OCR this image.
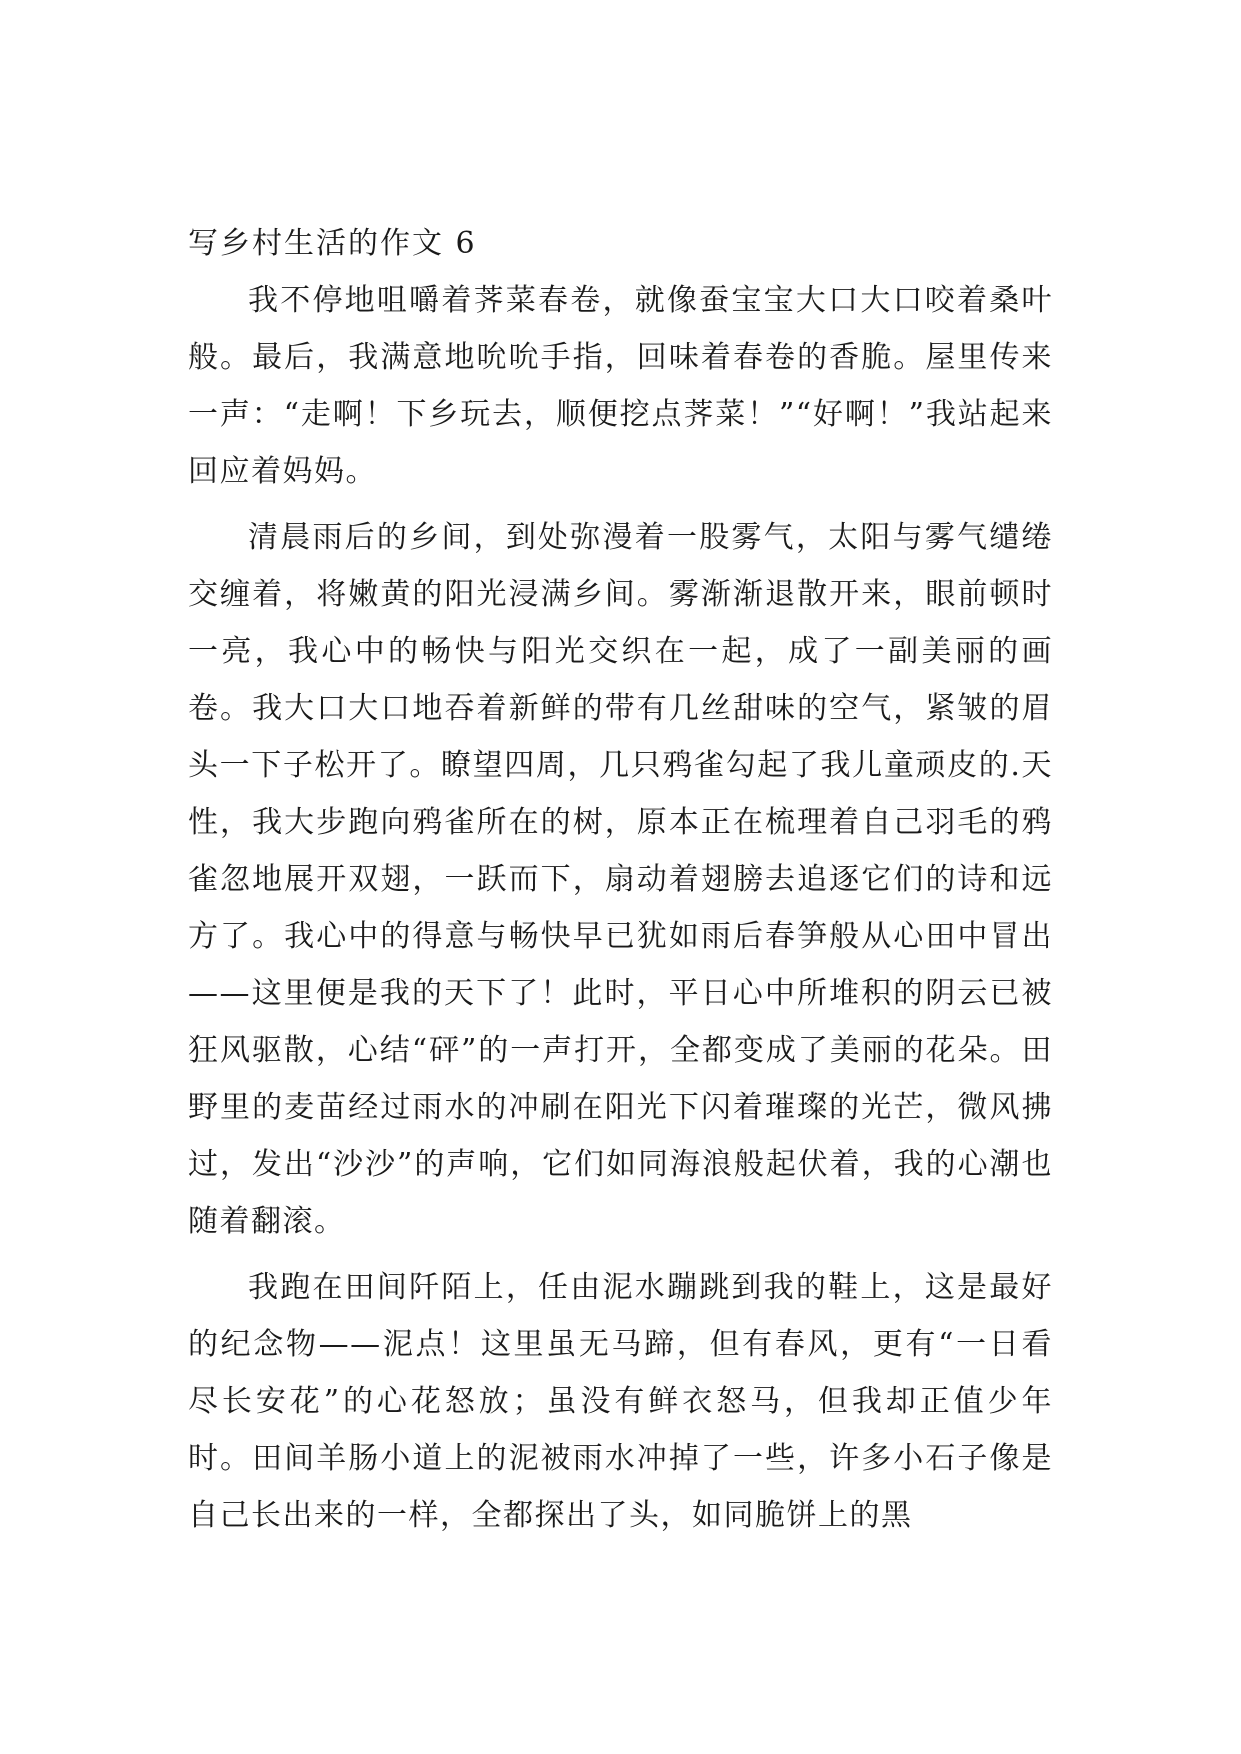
写乡村生活的作文 6

我不停地咀嚼着荠菜春卷，就像蚕宝宝大口大口咬着桑叶般。最后，我满意地吮吮手指，回味着春卷的香脆。屋里传来一声：“走啊！下乡玩去，顺便挖点荠菜！”“好啊！”我站起来回应着妈妈。

清晨雨后的乡间，到处弥漫着一股雾气，太阳与雾气缱绻交缠着，将嫩黄的阳光浸满乡间。雾渐渐退散开来，眼前顿时一亮，我心中的畅快与阳光交织在一起，成了一副美丽的画卷。我大口大口地吞着新鲜的带有几丝甜味的空气，紧皱的眉头一下子松开了。瞭望四周，几只鸦雀勾起了我儿童顽皮的.天性，我大步跑向鸦雀所在的树，原本正在梳理着自己羽毛的鸦雀忽地展开双翅，一跃而下，扇动着翅膀去追逐它们的诗和远方了。我心中的得意与畅快早已犹如雨后春笋般从心田中冒出——这里便是我的天下了！此时，平日心中所堆积的阴云已被狂风驱散，心结“砰”的一声打开，全都变成了美丽的花朵。田野里的麦苗经过雨水的冲刷在阳光下闪着璀璨的光芒，微风拂过，发出“沙沙”的声响，它们如同海浪般起伏着，我的心潮也随着翻滚。

我跑在田间阡陌上，任由泥水蹦跳到我的鞋上，这是最好的纪念物——泥点！这里虽无马蹄，但有春风，更有“一日看尽长安花”的心花怒放；虽没有鲜衣怒马，但我却正值少年时。田间羊肠小道上的泥被雨水冲掉了一些，许多小石子像是自己长出来的一样，全都探出了头，如同脆饼上的黑
